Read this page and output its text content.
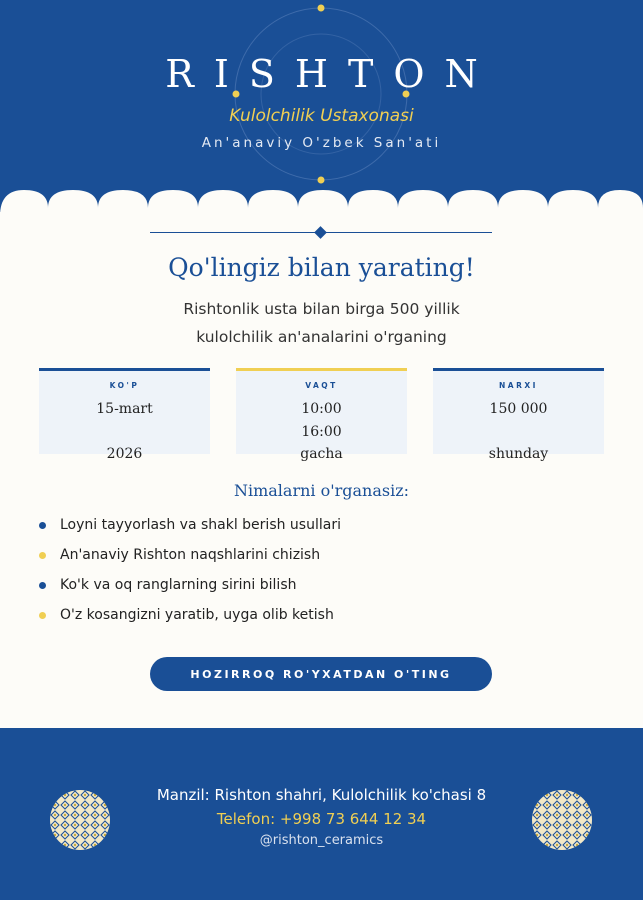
RISHTON
Kulolchilik Ustaxonasi
An'anaviy O'zbek San'ati
Qo'lingiz bilan yarating!
Rishtonlik usta bilan birga 500 yillik
kulolchilik an'analarini o'rganing
KO'P
15-mart
2026
VAQT
10:00
16:00
gacha
NARXI
150 000
shunday
Nimalarni o'rganasiz:
Loyni tayyorlash va shakl berish usullari
An'anaviy Rishton naqshlarini chizish
Ko'k va oq ranglarning sirini bilish
O'z kosangizni yaratib, uyga olib ketish
HOZIRROQ RO'YXATDAN O'TING
Manzil: Rishton shahri, Kulolchilik ko'chasi 8
Telefon: +998 73 644 12 34
@rishton_ceramics
